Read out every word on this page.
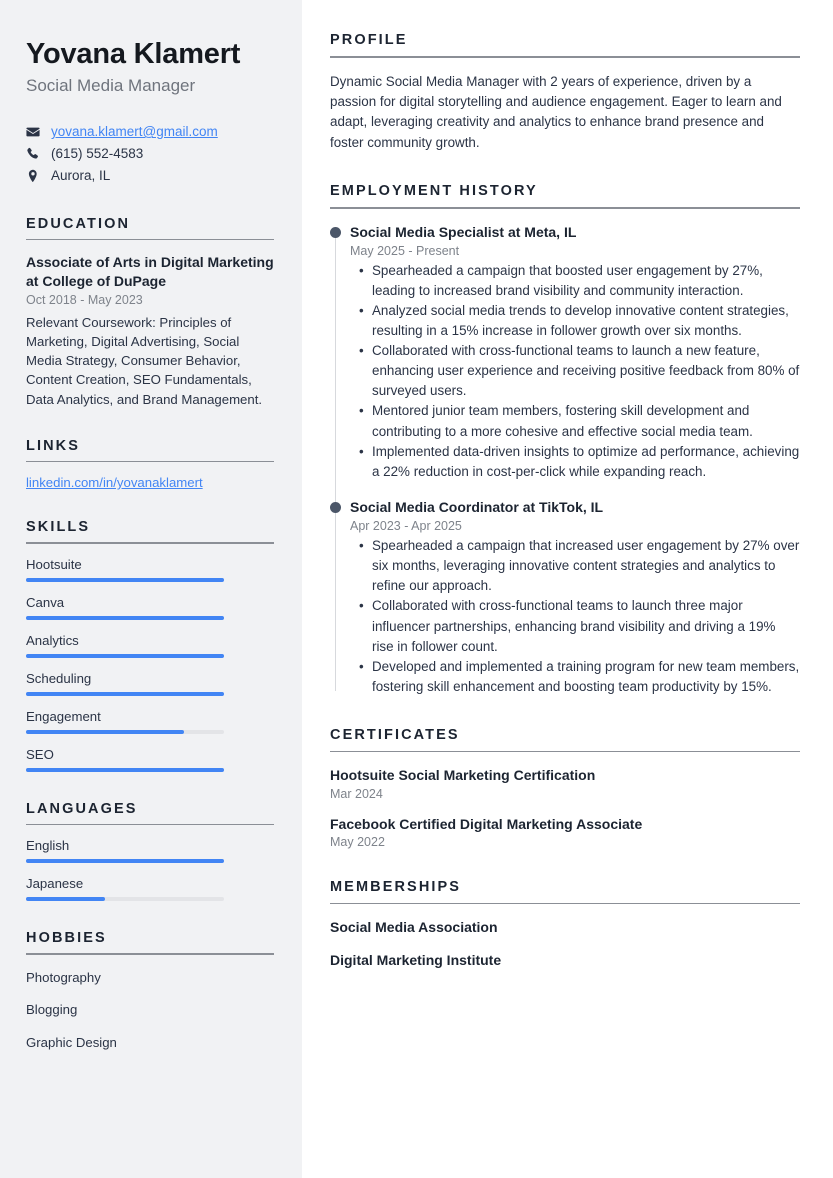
Yovana Klamert

Social Media Manager

yovana.klamert@gmail.com
(615) 552-4583
Aurora, IL
EDUCATION

Associate of Arts in Digital Marketing at College of DuPage

Oct 2018 - May 2023

Relevant Coursework: Principles of Marketing, Digital Advertising, Social Media Strategy, Consumer Behavior, Content Creation, SEO Fundamentals, Data Analytics, and Brand Management.

LINKS
linkedin.com/in/yovanaklamert
SKILLS
Hootsuite
Canva
Analytics
Scheduling
Engagement
SEO
LANGUAGES
English
Japanese
HOBBIES

Photography

Blogging

Graphic Design

PROFILE

Dynamic Social Media Manager with 2 years of experience, driven by a passion for digital storytelling and audience engagement. Eager to learn and adapt, leveraging creativity and analytics to enhance brand presence and foster community growth.

EMPLOYMENT HISTORY

Social Media Specialist at Meta, IL

May 2025 - Present

• Spearheaded a campaign that boosted user engagement by 27%, leading to increased brand visibility and community interaction.
• Analyzed social media trends to develop innovative content strategies, resulting in a 15% increase in follower growth over six months.
• Collaborated with cross-functional teams to launch a new feature, enhancing user experience and receiving positive feedback from 80% of surveyed users.
• Mentored junior team members, fostering skill development and contributing to a more cohesive and effective social media team.
• Implemented data-driven insights to optimize ad performance, achieving a 22% reduction in cost-per-click while expanding reach.

Social Media Coordinator at TikTok, IL

Apr 2023 - Apr 2025

• Spearheaded a campaign that increased user engagement by 27% over six months, leveraging innovative content strategies and analytics to refine our approach.
• Collaborated with cross-functional teams to launch three major influencer partnerships, enhancing brand visibility and driving a 19% rise in follower count.
• Developed and implemented a training program for new team members, fostering skill enhancement and boosting team productivity by 15%.
CERTIFICATES

Hootsuite Social Marketing Certification

Mar 2024

Facebook Certified Digital Marketing Associate

May 2022

MEMBERSHIPS

Social Media Association

Digital Marketing Institute
